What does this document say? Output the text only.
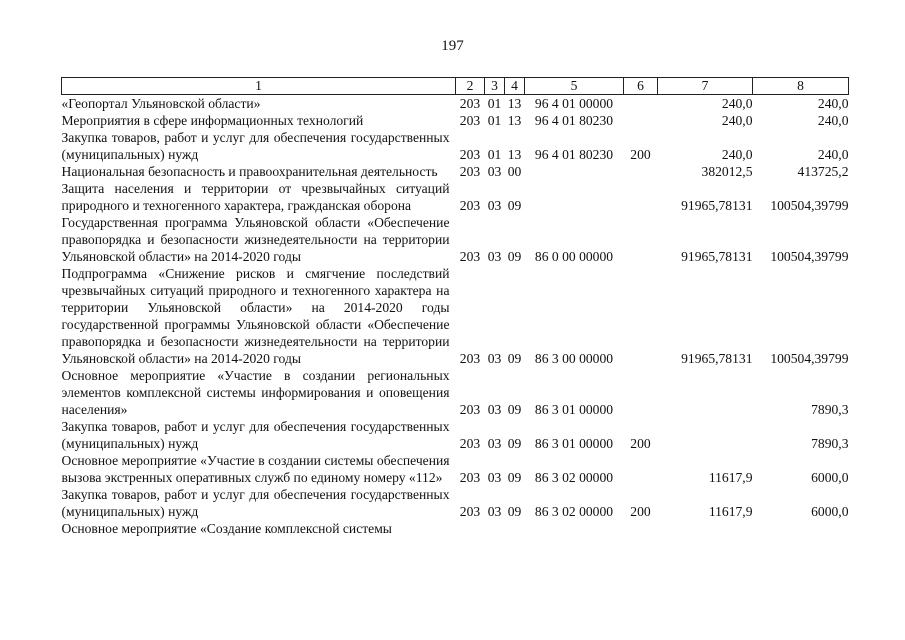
197
1	2	3	4	5	6	7	8
«Геопортал Ульяновской области»	203	01	13	96 4 01 00000		240,0	240,0
Мероприятия в сфере информационных технологий	203	01	13	96 4 01 80230		240,0	240,0
Закупка товаров, работ и услуг для обеспечения государственных (муниципальных) нужд	203	01	13	96 4 01 80230	200	240,0	240,0
Национальная безопасность и правоохранительная деятельность	203	03	00			382012,5	413725,2
Защита населения и территории от чрезвычайных ситуаций природного и техногенного характера, гражданская оборона	203	03	09			91965,78131	100504,39799
Государственная программа Ульяновской области «Обеспечение правопорядка и безопасности жизнедеятельности на территории Ульяновской области» на 2014-2020 годы	203	03	09	86 0 00 00000		91965,78131	100504,39799
Подпрограмма «Снижение рисков и смягчение последствий чрезвычайных ситуаций природного и техногенного характера на территории Ульяновской области» на 2014-2020 годы государственной программы Ульяновской области «Обеспечение правопорядка и безопасности жизнедеятельности на территории Ульяновской области» на 2014-2020 годы	203	03	09	86 3 00 00000		91965,78131	100504,39799
Основное мероприятие «Участие в создании региональных элементов комплексной системы информирования и оповещения населения»	203	03	09	86 3 01 00000			7890,3
Закупка товаров, работ и услуг для обеспечения государственных (муниципальных) нужд	203	03	09	86 3 01 00000	200		7890,3
Основное мероприятие «Участие в создании системы обеспечения вызова экстренных оперативных служб по единому номеру «112»	203	03	09	86 3 02 00000		11617,9	6000,0
Закупка товаров, работ и услуг для обеспечения государственных (муниципальных) нужд	203	03	09	86 3 02 00000	200	11617,9	6000,0
Основное мероприятие «Создание комплексной системы							
